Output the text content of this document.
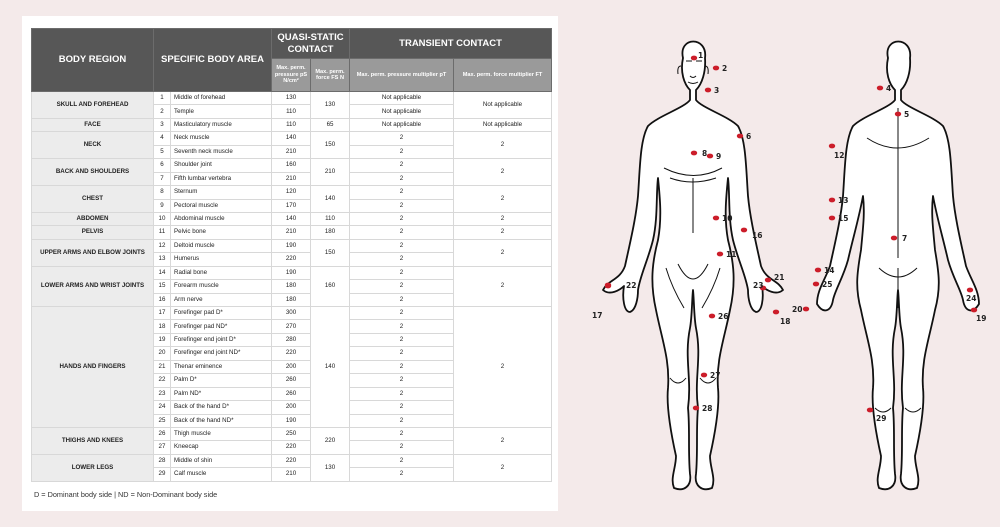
BODY REGION	SPECIFIC BODY AREA		QUASI-STATIC CONTACT		TRANSIENT CONTACT	
			Max. perm. pressure pS N/cm²	Max. perm. force FS N	Max. perm. pressure multiplier pT	Max. perm. force multiplier FT
SKULL AND FOREHEAD	1	Middle of forehead	130	130	Not applicable	Not applicable
	2	Temple	110		Not applicable	
FACE	3	Masticulatory muscle	110	65	Not applicable	Not applicable
NECK	4	Neck muscle	140	150	2	2
	5	Seventh neck muscle	210		2	
BACK AND SHOULDERS	6	Shoulder joint	160	210	2	2
	7	Fifth lumbar vertebra	210		2	
CHEST	8	Sternum	120	140	2	2
	9	Pectoral muscle	170		2	
ABDOMEN	10	Abdominal muscle	140	110	2	2
PELVIS	11	Pelvic bone	210	180	2	2
UPPER ARMS AND ELBOW JOINTS	12	Deltoid muscle	190	150	2	2
	13	Humerus	220		2	
LOWER ARMS AND WRIST JOINTS	14	Radial bone	190	160	2	2
	15	Forearm muscle	180		2	
	16	Arm nerve	180		2	
HANDS AND FINGERS	17	Forefinger pad D*	300	140	2	2
	18	Forefinger pad ND*	270		2	
	19	Forefinger end joint D*	280		2	
	20	Forefinger end joint ND*	220		2	
	21	Thenar eminence	200		2	
	22	Palm D*	260		2	
	23	Palm ND*	260		2	
	24	Back of the hand D*	200		2	
	25	Back of the hand ND*	190		2	
THIGHS AND KNEES	26	Thigh muscle	250	220	2	2
	27	Kneecap	220		2	
LOWER LEGS	28	Middle of shin	220	130	2	2
	29	Calf muscle	210		2	
D = Dominant body side | ND = Non-Dominant body side
1
2
3
6
8 9
10
11
16
17
18
21
22	23
26
27
28
4
5
7
12
13
14
15
19
20
24
25
29
